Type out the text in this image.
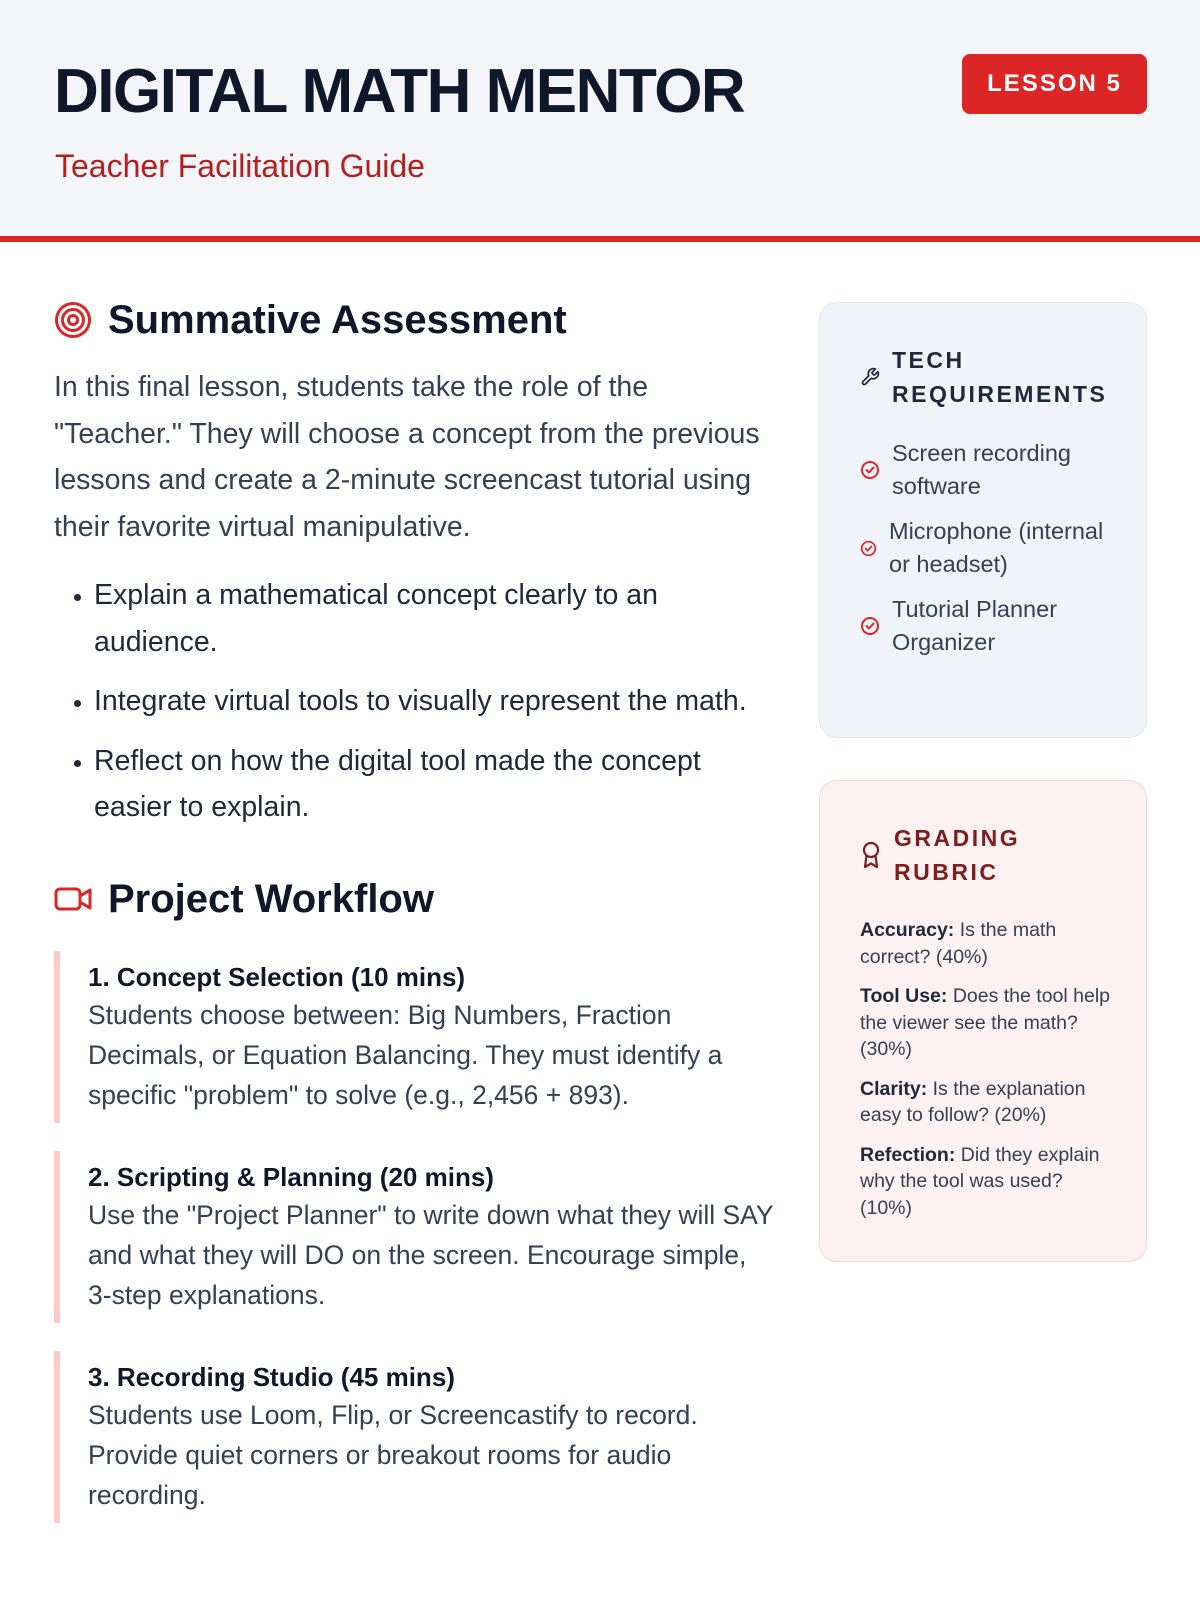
DIGITAL MATH MENTOR
Teacher Facilitation Guide
LESSON 5
Summative Assessment

In this final lesson, students take the role of the "Teacher." They will choose a concept from the previous lessons and create a 2-minute screencast tutorial using their favorite virtual manipulative.

• Explain a mathematical concept clearly to an audience.
• Integrate virtual tools to visually represent the math.
• Reflect on how the digital tool made the concept easier to explain.
Project Workflow
1. Concept Selection (10 mins)
Students choose between: Big Numbers, Fraction Decimals, or Equation Balancing. They must identify a specific "problem" to solve (e.g., 2,456 + 893).
2. Scripting & Planning (20 mins)
Use the "Project Planner" to write down what they will SAY and what they will DO on the screen. Encourage simple, 3-step explanations.
3. Recording Studio (45 mins)
Students use Loom, Flip, or Screencastify to record. Provide quiet corners or breakout rooms for audio recording.
TECH REQUIREMENTS
Screen recording software
Microphone (internal or headset)
Tutorial Planner Organizer
GRADING RUBRIC
Accuracy: Is the math correct? (40%)
Tool Use: Does the tool help the viewer see the math? (30%)
Clarity: Is the explanation easy to follow? (20%)
Refection: Did they explain why the tool was used? (10%)
